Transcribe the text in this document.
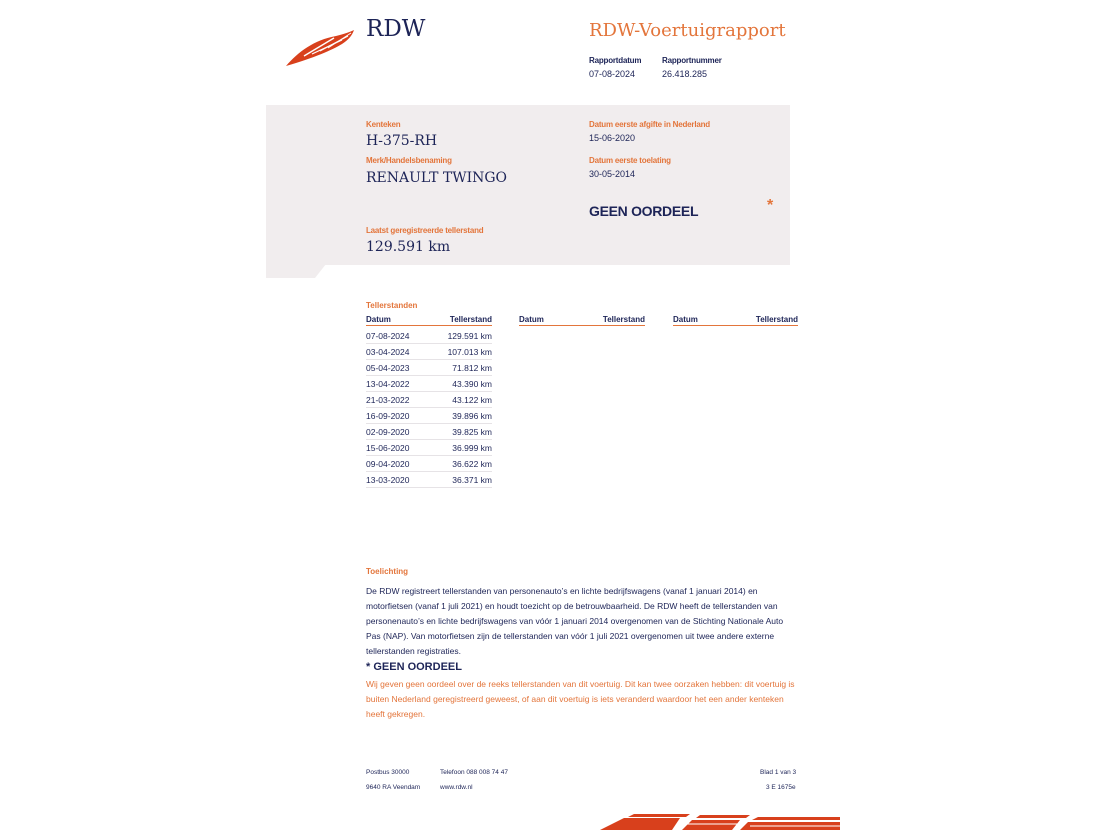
RDW	RDW-Voertuigrapport
Rapportdatum
07-08-2024
Rapportnummer
26.418.285
Kenteken
H-375-RH
Merk/Handelsbenaming
RENAULT TWINGO
Datum eerste afgifte in Nederland
15-06-2020
Datum eerste toelating
30-05-2014
GEEN OORDEEL	*
Laatst geregistreerde tellerstand
129.591 km
Tellerstanden
Datum	Tellerstand	Datum	Tellerstand	Datum	Tellerstand
07-08-2024	129.591 km
03-04-2024	107.013 km
05-04-2023	71.812 km
13-04-2022	43.390 km
21-03-2022	43.122 km
16-09-2020	39.896 km
02-09-2020	39.825 km
15-06-2020	36.999 km
09-04-2020	36.622 km
13-03-2020	36.371 km
Toelichting
De RDW registreert tellerstanden van personenauto’s en lichte bedrijfswagens (vanaf 1 januari 2014) en motorfietsen (vanaf 1 juli 2021) en houdt toezicht op de betrouwbaarheid. De RDW heeft de tellerstanden van personenauto’s en lichte bedrijfswagens van vóór 1 januari 2014 overgenomen van de Stichting Nationale Auto Pas (NAP). Van motorfietsen zijn de tellerstanden van vóór 1 juli 2021 overgenomen uit twee andere externe tellerstanden registraties.
* GEEN OORDEEL
Wij geven geen oordeel over de reeks tellerstanden van dit voertuig. Dit kan twee oorzaken hebben: dit voertuig is buiten Nederland geregistreerd geweest, of aan dit voertuig is iets veranderd waardoor het een ander kenteken heeft gekregen.
Postbus 30000
9640 RA Veendam
Telefoon 088 008 74 47
www.rdw.nl
Blad 1 van 3
3 E 1675e
